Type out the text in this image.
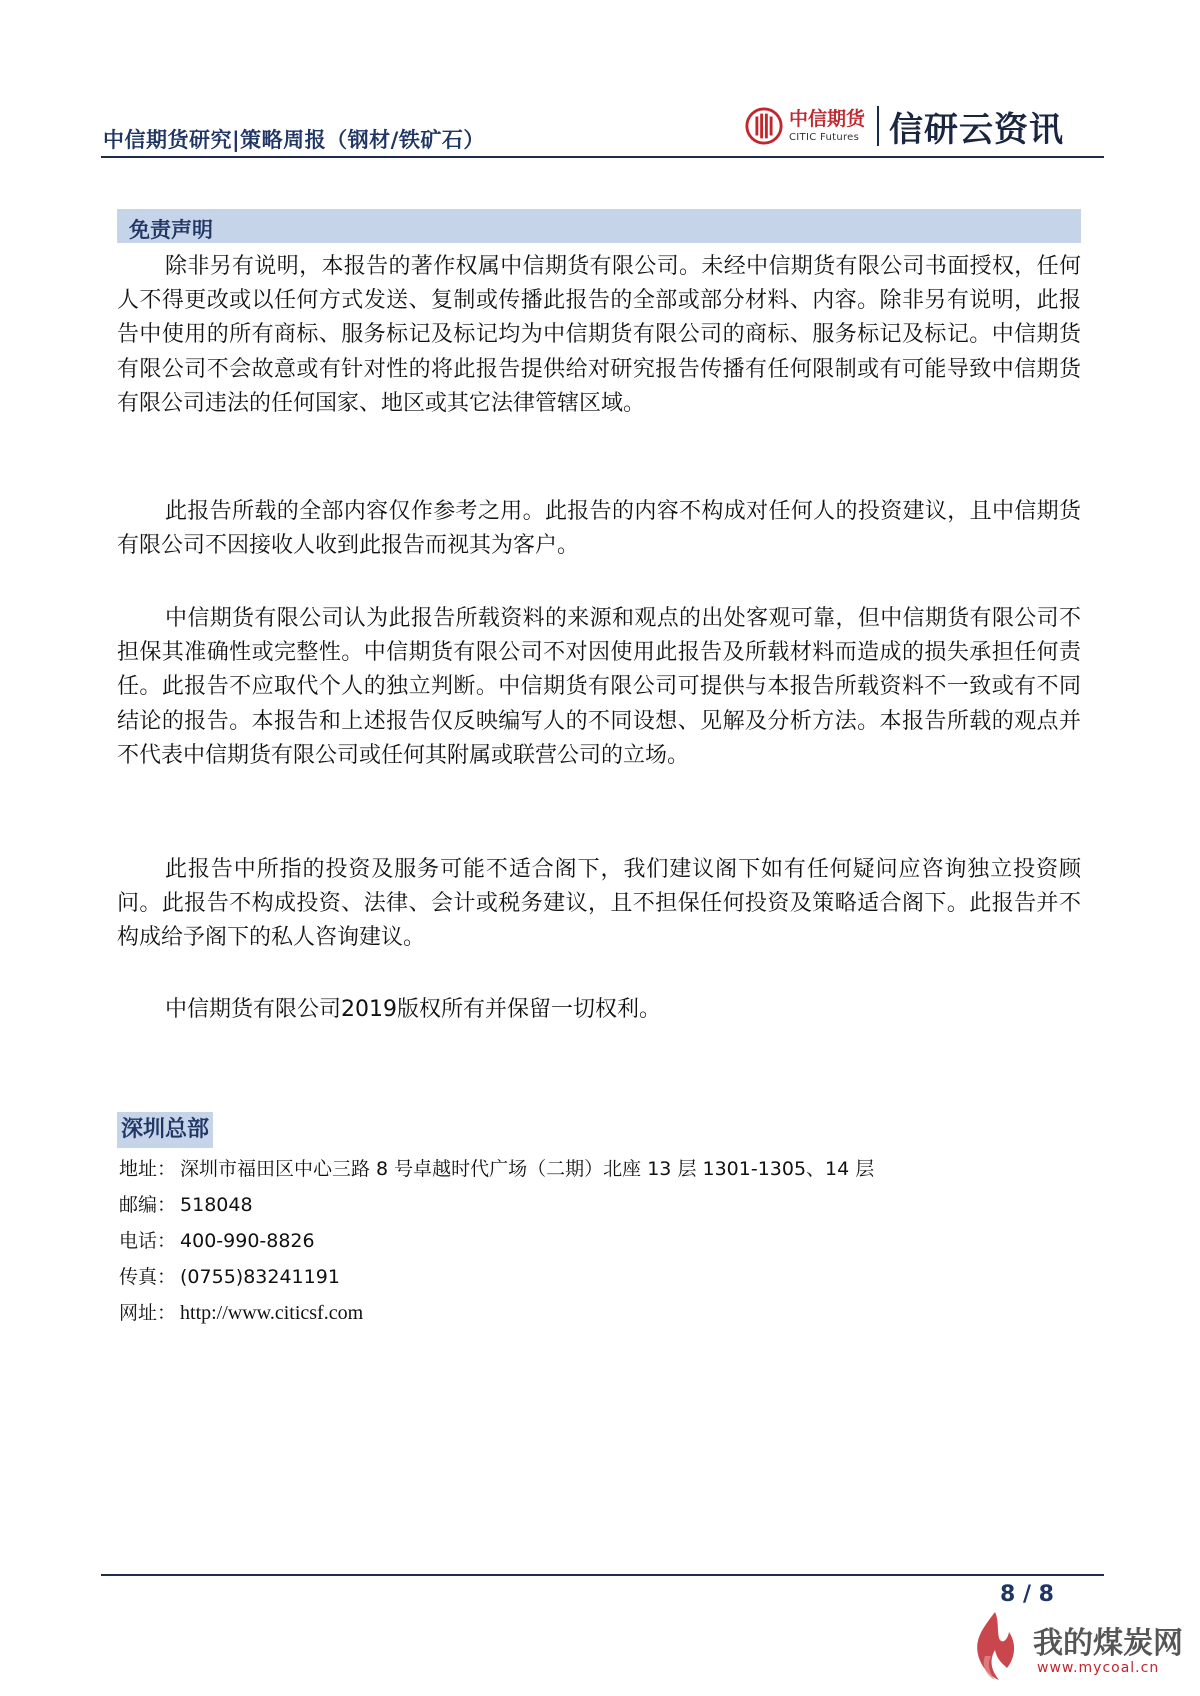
中信期货研究|策略周报（钢材/铁矿石）
中信期货
CITIC Futures 信研云资讯
免责声明

除非另有说明，本报告的著作权属中信期货有限公司。未经中信期货有限公司书面授权，任何人不得更改或以任何方式发送、复制或传播此报告的全部或部分材料、内容。除非另有说明，此报告中使用的所有商标、服务标记及标记均为中信期货有限公司的商标、服务标记及标记。中信期货有限公司不会故意或有针对性的将此报告提供给对研究报告传播有任何限制或有可能导致中信期货有限公司违法的任何国家、地区或其它法律管辖区域。

此报告所载的全部内容仅作参考之用。此报告的内容不构成对任何人的投资建议，且中信期货有限公司不因接收人收到此报告而视其为客户。

中信期货有限公司认为此报告所载资料的来源和观点的出处客观可靠，但中信期货有限公司不担保其准确性或完整性。中信期货有限公司不对因使用此报告及所载材料而造成的损失承担任何责任。此报告不应取代个人的独立判断。中信期货有限公司可提供与本报告所载资料不一致或有不同结论的报告。本报告和上述报告仅反映编写人的不同设想、见解及分析方法。本报告所载的观点并不代表中信期货有限公司或任何其附属或联营公司的立场。

此报告中所指的投资及服务可能不适合阁下，我们建议阁下如有任何疑问应咨询独立投资顾问。此报告不构成投资、法律、会计或税务建议，且不担保任何投资及策略适合阁下。此报告并不构成给予阁下的私人咨询建议。

中信期货有限公司2019版权所有并保留一切权利。

深圳总部
地址： 深圳市福田区中心三路 8 号卓越时代广场（二期）北座 13 层 1301-1305、14 层
邮编： 518048
电话： 400-990-8826
传真： (0755)83241191
网址： http://www.citicsf.com
8 / 8
我的煤炭网
www.mycoal.cn
